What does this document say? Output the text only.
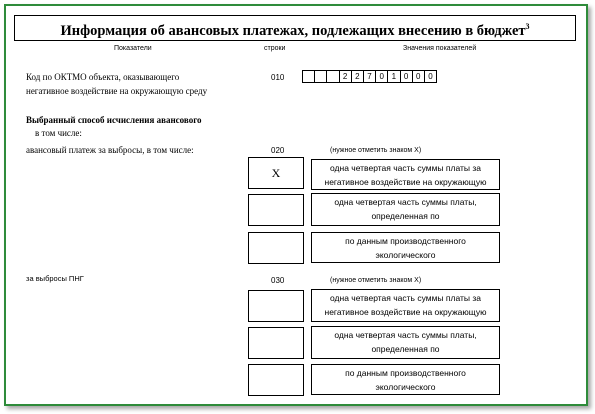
Информация об авансовых платежах, подлежащих внесению в бюджет$^3$
Показатели	строки	Значения показателей
Код по ОКТМО объекта, оказывающего
негативное воздействие на окружающую среду
010	2 2 7 0 1 0 0 0
Выбранный способ исчисления авансового
в том числе:
авансовый платеж за выбросы, в том числе:	020	(нужное отметить знаком Х)
X	одна четвертая часть суммы платы за
негативное воздействие на окружающую
одна четвертая часть суммы платы,
определенная по
по данным производственного
экологического
за выбросы ПНГ	030	(нужное отметить знаком Х)
одна четвертая часть суммы платы за
негативное воздействие на окружающую
одна четвертая часть суммы платы,
определенная по
по данным производственного
экологического
